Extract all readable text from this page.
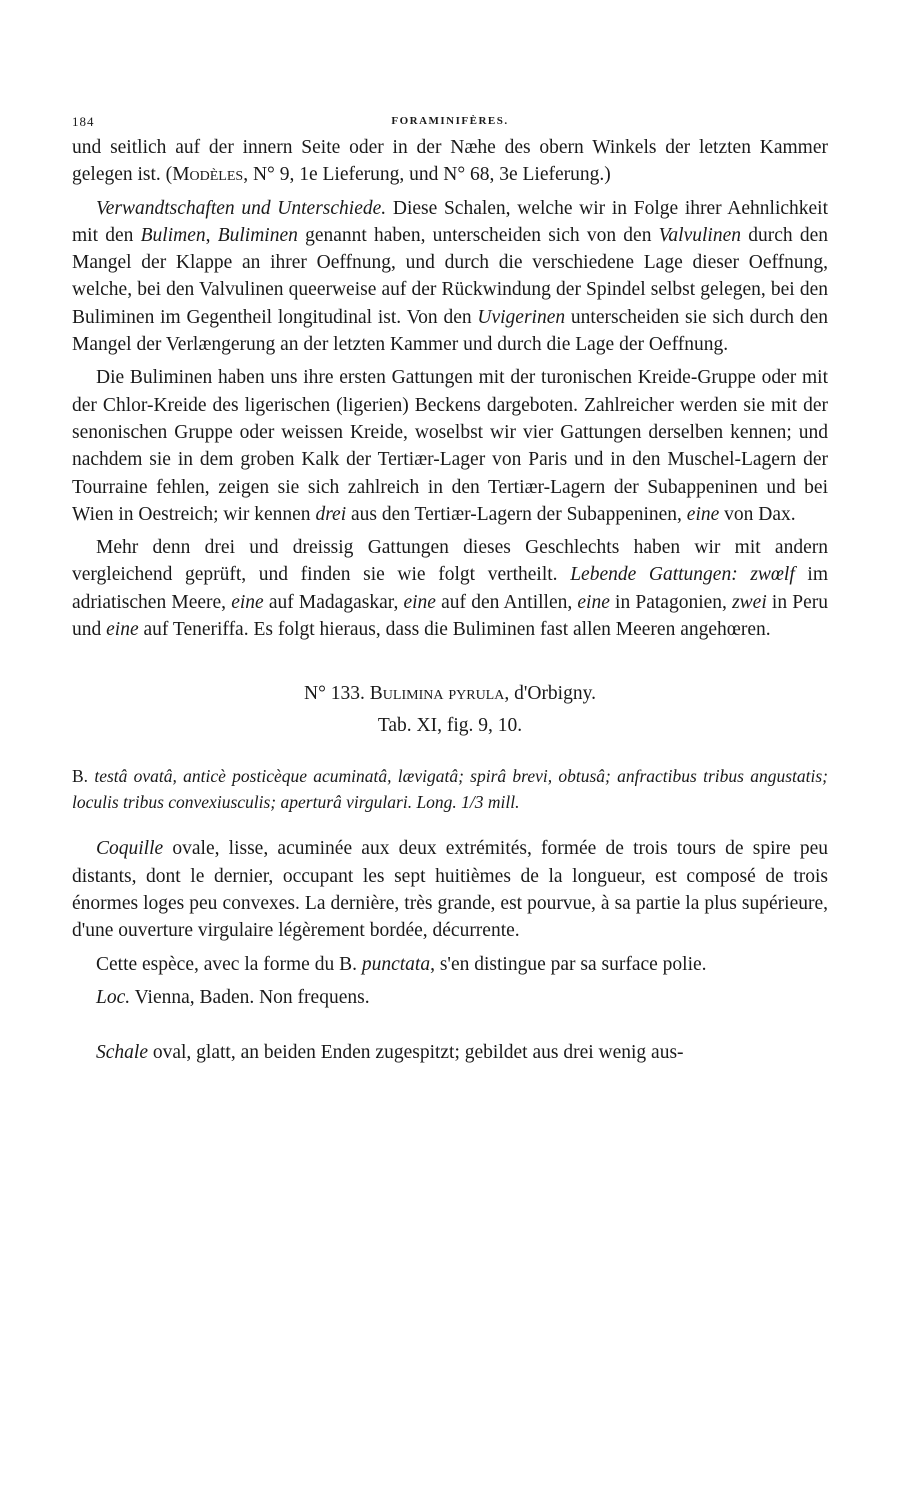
184	FORAMINIFÈRES.

und seitlich auf der innern Seite oder in der Næhe des obern Winkels der letzten Kammer gelegen ist. (Modèles, N° 9, 1e Lieferung, und N° 68, 3e Lieferung.)

Verwandtschaften und Unterschiede. Diese Schalen, welche wir in Folge ihrer Aehnlichkeit mit den Bulimen, Buliminen genannt haben, unterscheiden sich von den Valvulinen durch den Mangel der Klappe an ihrer Oeffnung, und durch die verschiedene Lage dieser Oeffnung, welche, bei den Valvulinen queerweise auf der Rückwindung der Spindel selbst gelegen, bei den Buliminen im Gegentheil longitudinal ist. Von den Uvigerinen unterscheiden sie sich durch den Mangel der Verlængerung an der letzten Kammer und durch die Lage der Oeffnung.

Die Buliminen haben uns ihre ersten Gattungen mit der turonischen Kreide-Gruppe oder mit der Chlor-Kreide des ligerischen (ligerien) Beckens dargeboten. Zahlreicher werden sie mit der senonischen Gruppe oder weissen Kreide, woselbst wir vier Gattungen derselben kennen; und nachdem sie in dem groben Kalk der Tertiær-Lager von Paris und in den Muschel-Lagern der Tourraine fehlen, zeigen sie sich zahlreich in den Tertiær-Lagern der Subappeninen und bei Wien in Oestreich; wir kennen drei aus den Tertiær-Lagern der Subappeninen, eine von Dax.

Mehr denn drei und dreissig Gattungen dieses Geschlechts haben wir mit andern vergleichend geprüft, und finden sie wie folgt vertheilt. Lebende Gattungen: zwœlf im adriatischen Meere, eine auf Madagaskar, eine auf den Antillen, eine in Patagonien, zwei in Peru und eine auf Teneriffa. Es folgt hieraus, dass die Buliminen fast allen Meeren angehœren.

N° 133. Bulimina pyrula, d'Orbigny.
Tab. XI, fig. 9, 10.

B. testâ ovatâ, anticè posticèque acuminatâ, lævigatâ; spirâ brevi, obtusâ; anfractibus tribus angustatis; loculis tribus convexiusculis; aperturâ virgulari. Long. 1/3 mill.

Coquille ovale, lisse, acuminée aux deux extrémités, formée de trois tours de spire peu distants, dont le dernier, occupant les sept huitièmes de la longueur, est composé de trois énormes loges peu convexes. La dernière, très grande, est pourvue, à sa partie la plus supérieure, d'une ouverture virgulaire légèrement bordée, décurrente.

Cette espèce, avec la forme du B. punctata, s'en distingue par sa surface polie.

Loc. Vienna, Baden. Non frequens.

Schale oval, glatt, an beiden Enden zugespitzt; gebildet aus drei wenig aus-
